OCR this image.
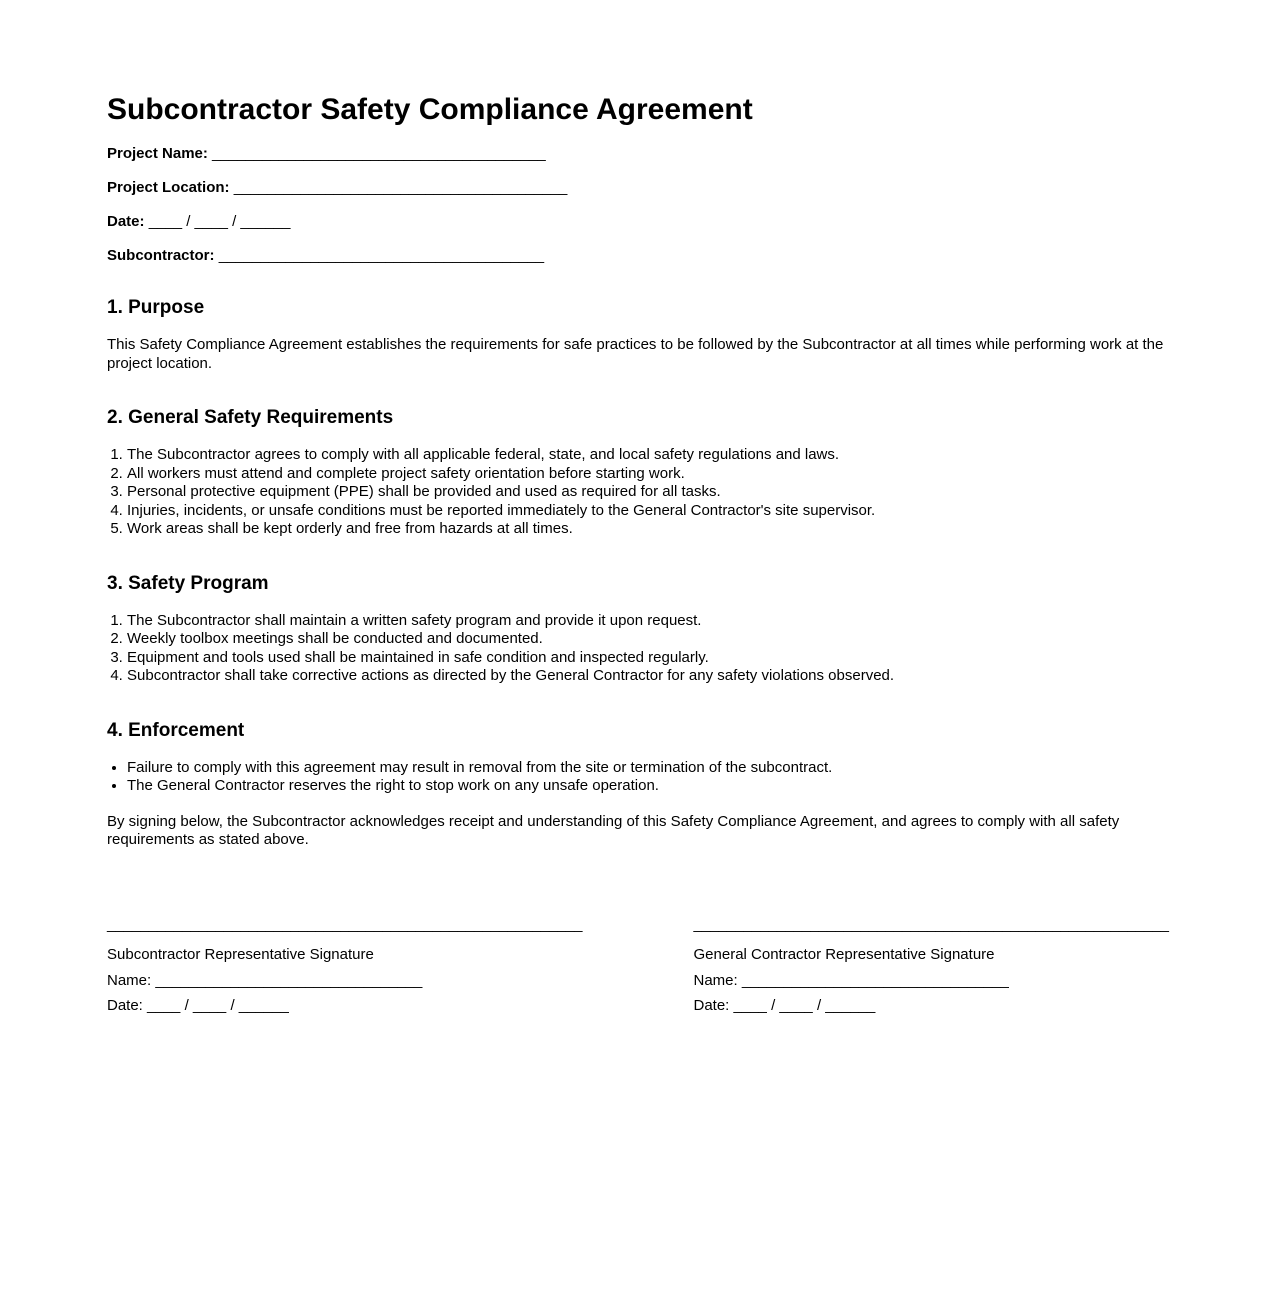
Subcontractor Safety Compliance Agreement

Project Name: ________________________________________

Project Location: ________________________________________

Date: ____ / ____ / ______

Subcontractor: _______________________________________

1. Purpose

This Safety Compliance Agreement establishes the requirements for safe practices to be followed by the Subcontractor at all times while performing work at the project location.

2. General Safety Requirements
1. The Subcontractor agrees to comply with all applicable federal, state, and local safety regulations and laws.
2. All workers must attend and complete project safety orientation before starting work.
3. Personal protective equipment (PPE) shall be provided and used as required for all tasks.
4. Injuries, incidents, or unsafe conditions must be reported immediately to the General Contractor's site supervisor.
5. Work areas shall be kept orderly and free from hazards at all times.
3. Safety Program
1. The Subcontractor shall maintain a written safety program and provide it upon request.
2. Weekly toolbox meetings shall be conducted and documented.
3. Equipment and tools used shall be maintained in safe condition and inspected regularly.
4. Subcontractor shall take corrective actions as directed by the General Contractor for any safety violations observed.
4. Enforcement
• Failure to comply with this agreement may result in removal from the site or termination of the subcontract.
• The General Contractor reserves the right to stop work on any unsafe operation.

By signing below, the Subcontractor acknowledges receipt and understanding of this Safety Compliance Agreement, and agrees to comply with all safety requirements as stated above.

_________________________________________________________
Subcontractor Representative Signature
Name: ________________________________
Date: ____ / ____ / ______
_________________________________________________________
General Contractor Representative Signature
Name: ________________________________
Date: ____ / ____ / ______
